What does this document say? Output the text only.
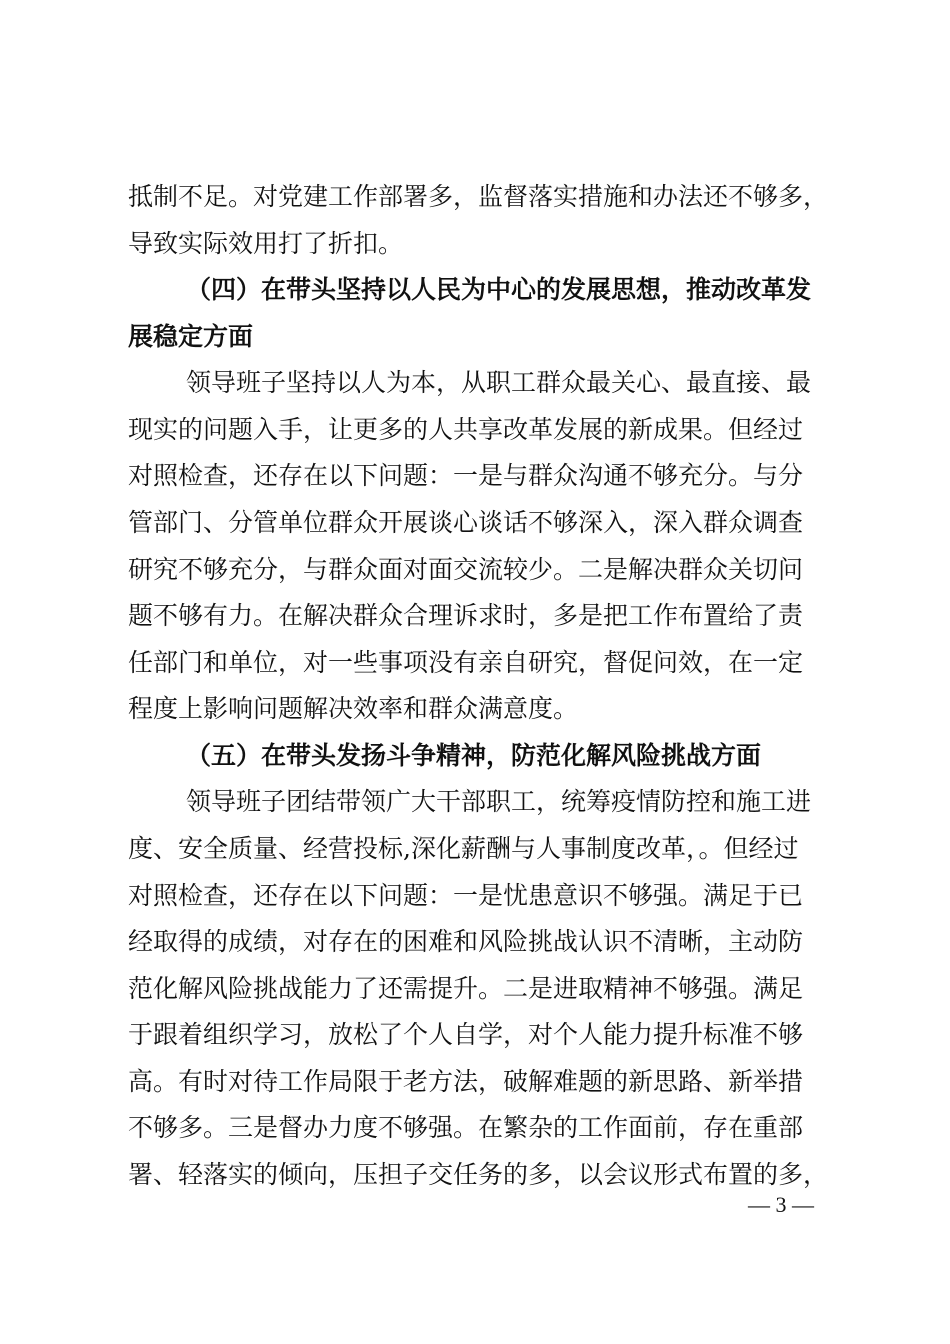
抵制不足。对党建工作部署多，监督落实措施和办法还不够多，
导致实际效用打了折扣。
（四）在带头坚持以人民为中心的发展思想，推动改革发
展稳定方面
领导班子坚持以人为本，从职工群众最关心、最直接、最
现实的问题入手，让更多的人共享改革发展的新成果。但经过
对照检查，还存在以下问题：一是与群众沟通不够充分。与分
管部门、分管单位群众开展谈心谈话不够深入，深入群众调查
研究不够充分，与群众面对面交流较少。二是解决群众关切问
题不够有力。在解决群众合理诉求时，多是把工作布置给了责
任部门和单位，对一些事项没有亲自研究，督促问效，在一定
程度上影响问题解决效率和群众满意度。
（五）在带头发扬斗争精神，防范化解风险挑战方面
领导班子团结带领广大干部职工，统筹疫情防控和施工进
度、安全质量、经营投标,深化薪酬与人事制度改革，。但经过
对照检查，还存在以下问题：一是忧患意识不够强。满足于已
经取得的成绩，对存在的困难和风险挑战认识不清晰，主动防
范化解风险挑战能力了还需提升。二是进取精神不够强。满足
于跟着组织学习，放松了个人自学，对个人能力提升标准不够
高。有时对待工作局限于老方法，破解难题的新思路、新举措
不够多。三是督办力度不够强。在繁杂的工作面前，存在重部
署、轻落实的倾向，压担子交任务的多，以会议形式布置的多，
— 3 —
